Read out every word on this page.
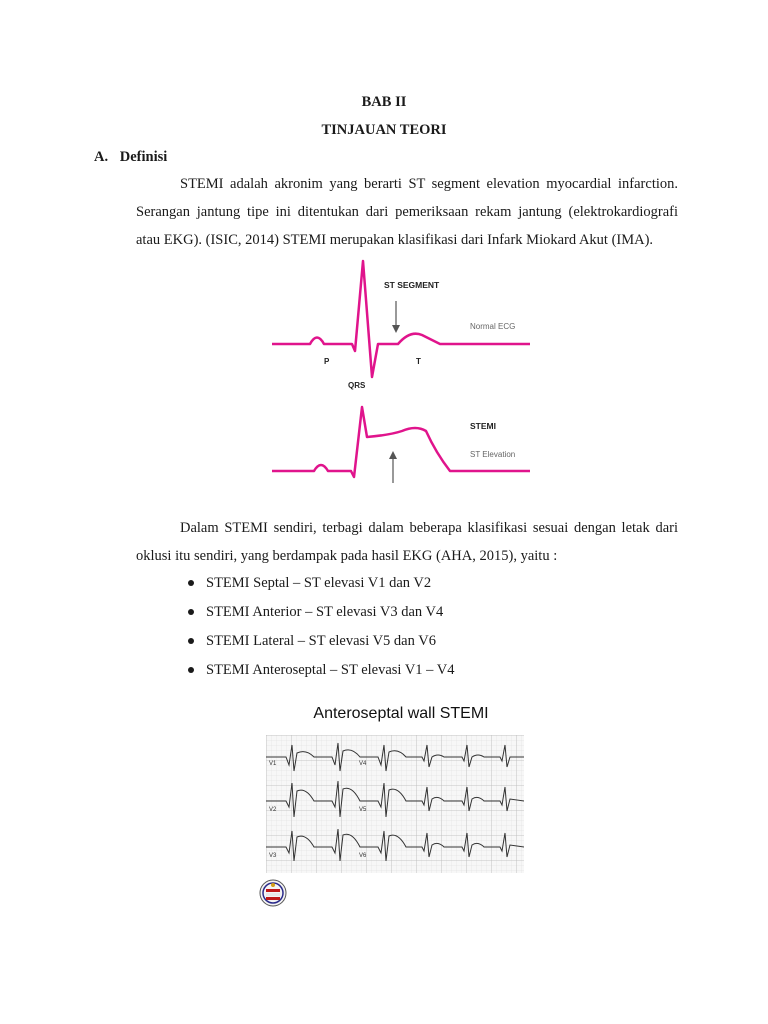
BAB II
TINJAUAN TEORI
A. Definisi
STEMI adalah akronim yang berarti ST segment elevation myocardial infarction.
Serangan jantung tipe ini ditentukan dari pemeriksaan rekam jantung (elektrokardiografi
atau EKG). (ISIC, 2014) STEMI merupakan klasifikasi dari Infark Miokard Akut (IMA).
ST SEGMENT
Normal ECG
P	T
QRS
STEMI
ST Elevation
Dalam STEMI sendiri, terbagi dalam beberapa klasifikasi sesuai dengan letak dari
oklusi itu sendiri, yang berdampak pada hasil EKG (AHA, 2015), yaitu :
STEMI Septal – ST elevasi V1 dan V2
STEMI Anterior – ST elevasi V3 dan V4
STEMI Lateral – ST elevasi V5 dan V6
STEMI Anteroseptal – ST elevasi V1 – V4
Anteroseptal wall STEMI
V1
V2
V3
V4
V5
V6
